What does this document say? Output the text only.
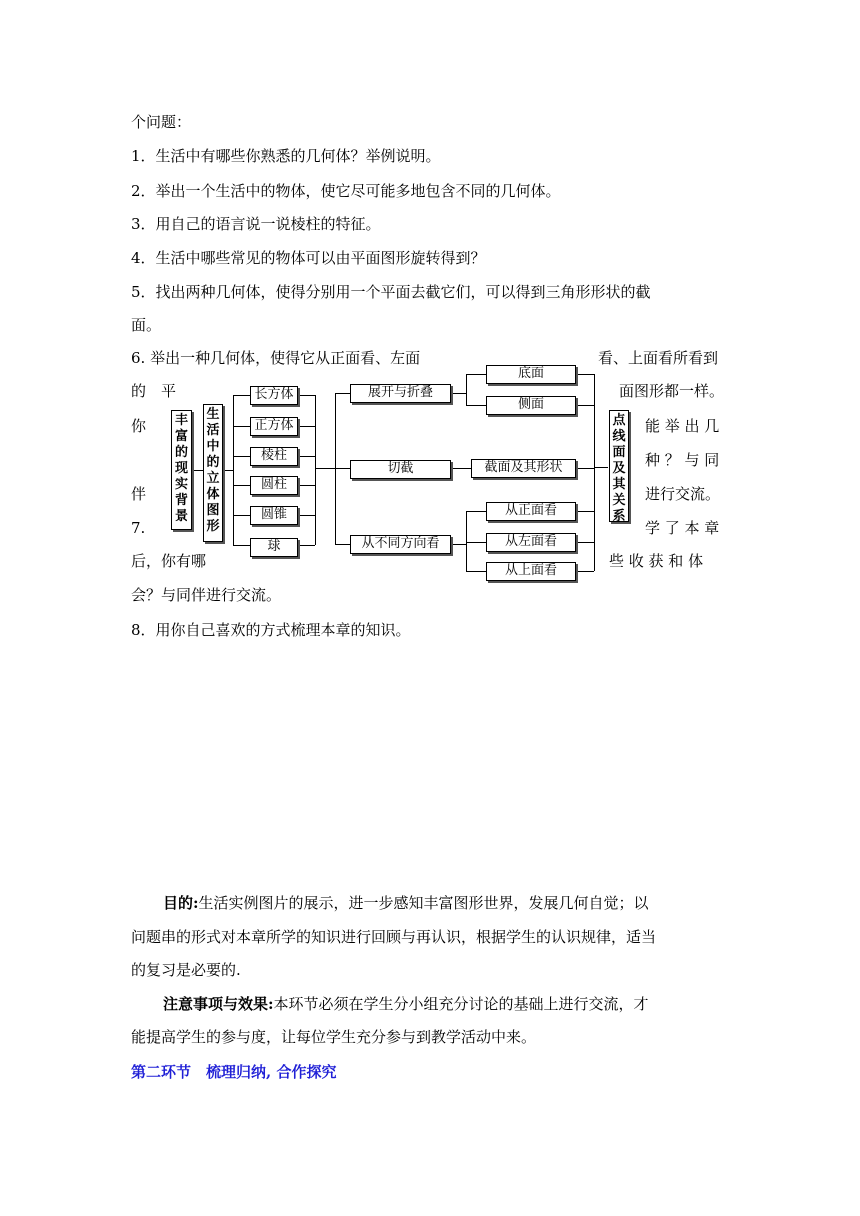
个问题：
1．生活中有哪些你熟悉的几何体？举例说明。
2．举出一个生活中的物体，使它尽可能多地包含不同的几何体。
3．用自己的语言说一说棱柱的特征。
4．生活中哪些常见的物体可以由平面图形旋转得到？
5．找出两种几何体，使得分别用一个平面去截它们，可以得到三角形形状的截
面。
6. 举出一种几何体，使得它从正面看、左面	看、上面看所看到
的　平	面图形都一样。
你	能 举 出 几
种 ？ 与 同
伴	进行交流。
7.	学 了 本 章
后，你有哪	些 收 获 和 体
会？与同伴进行交流。
8．用你自己喜欢的方式梳理本章的知识。
目的:生活实例图片的展示，进一步感知丰富图形世界，发展几何自觉；以
问题串的形式对本章所学的知识进行回顾与再认识，根据学生的认识规律，适当
的复习是必要的.
注意事项与效果:本环节必须在学生分小组充分讨论的基础上进行交流，才
能提高学生的参与度，让每位学生充分参与到教学活动中来。
第二环节　梳理归纳, 合作探究
丰富的现实背景
生活中的立体图形
点线面及其关系
长方体
正方体
棱柱
圆柱
圆锥
球
展开与折叠
切截
从不同方向看
底面
侧面
截面及其形状
从正面看
从左面看
从上面看
